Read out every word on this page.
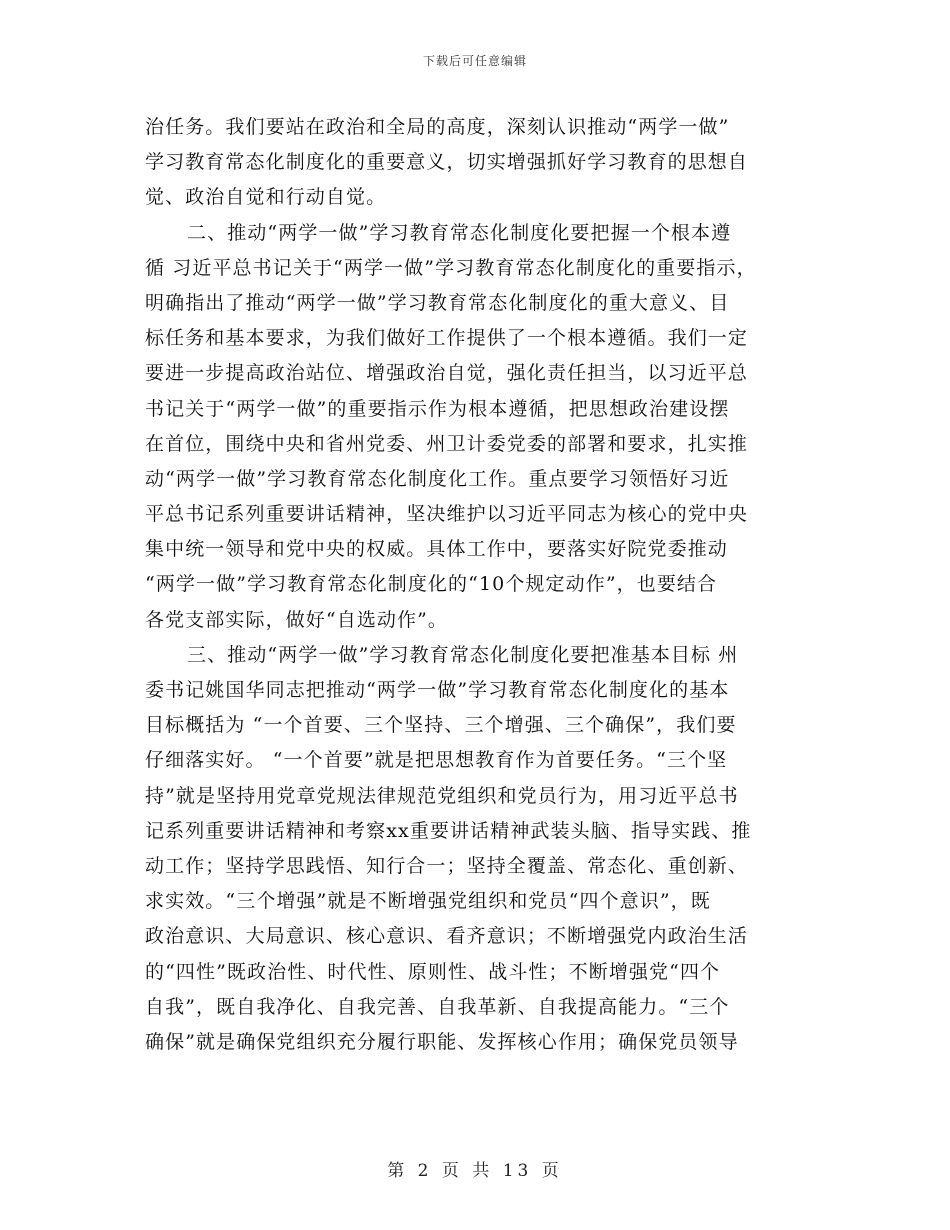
下载后可任意编辑
治任务。我们要站在政治和全局的高度，深刻认识推动“两学一做”
学习教育常态化制度化的重要意义，切实增强抓好学习教育的思想自
觉、政治自觉和行动自觉。
二、推动“两学一做”学习教育常态化制度化要把握一个根本遵
循 习近平总书记关于“两学一做”学习教育常态化制度化的重要指示，
明确指出了推动“两学一做”学习教育常态化制度化的重大意义、目
标任务和基本要求，为我们做好工作提供了一个根本遵循。我们一定
要进一步提高政治站位、增强政治自觉，强化责任担当，以习近平总
书记关于“两学一做”的重要指示作为根本遵循，把思想政治建设摆
在首位，围绕中央和省州党委、州卫计委党委的部署和要求，扎实推
动“两学一做”学习教育常态化制度化工作。重点要学习领悟好习近
平总书记系列重要讲话精神，坚决维护以习近平同志为核心的党中央
集中统一领导和党中央的权威。具体工作中，要落实好院党委推动
“两学一做”学习教育常态化制度化的“10个规定动作”，也要结合
各党支部实际，做好“自选动作”。
三、推动“两学一做”学习教育常态化制度化要把准基本目标 州
委书记姚国华同志把推动“两学一做”学习教育常态化制度化的基本
目标概括为 “一个首要、三个坚持、三个增强、三个确保”，我们要
仔细落实好。 “一个首要”就是把思想教育作为首要任务。“三个坚
持”就是坚持用党章党规法律规范党组织和党员行为，用习近平总书
记系列重要讲话精神和考察xx重要讲话精神武装头脑、指导实践、推
动工作；坚持学思践悟、知行合一；坚持全覆盖、常态化、重创新、
求实效。“三个增强”就是不断增强党组织和党员“四个意识”，既
政治意识、大局意识、核心意识、看齐意识；不断增强党内政治生活
的“四性”既政治性、时代性、原则性、战斗性；不断增强党“四个
自我”，既自我净化、自我完善、自我革新、自我提高能力。“三个
确保”就是确保党组织充分履行职能、发挥核心作用；确保党员领导
第 2 页 共 13 页
